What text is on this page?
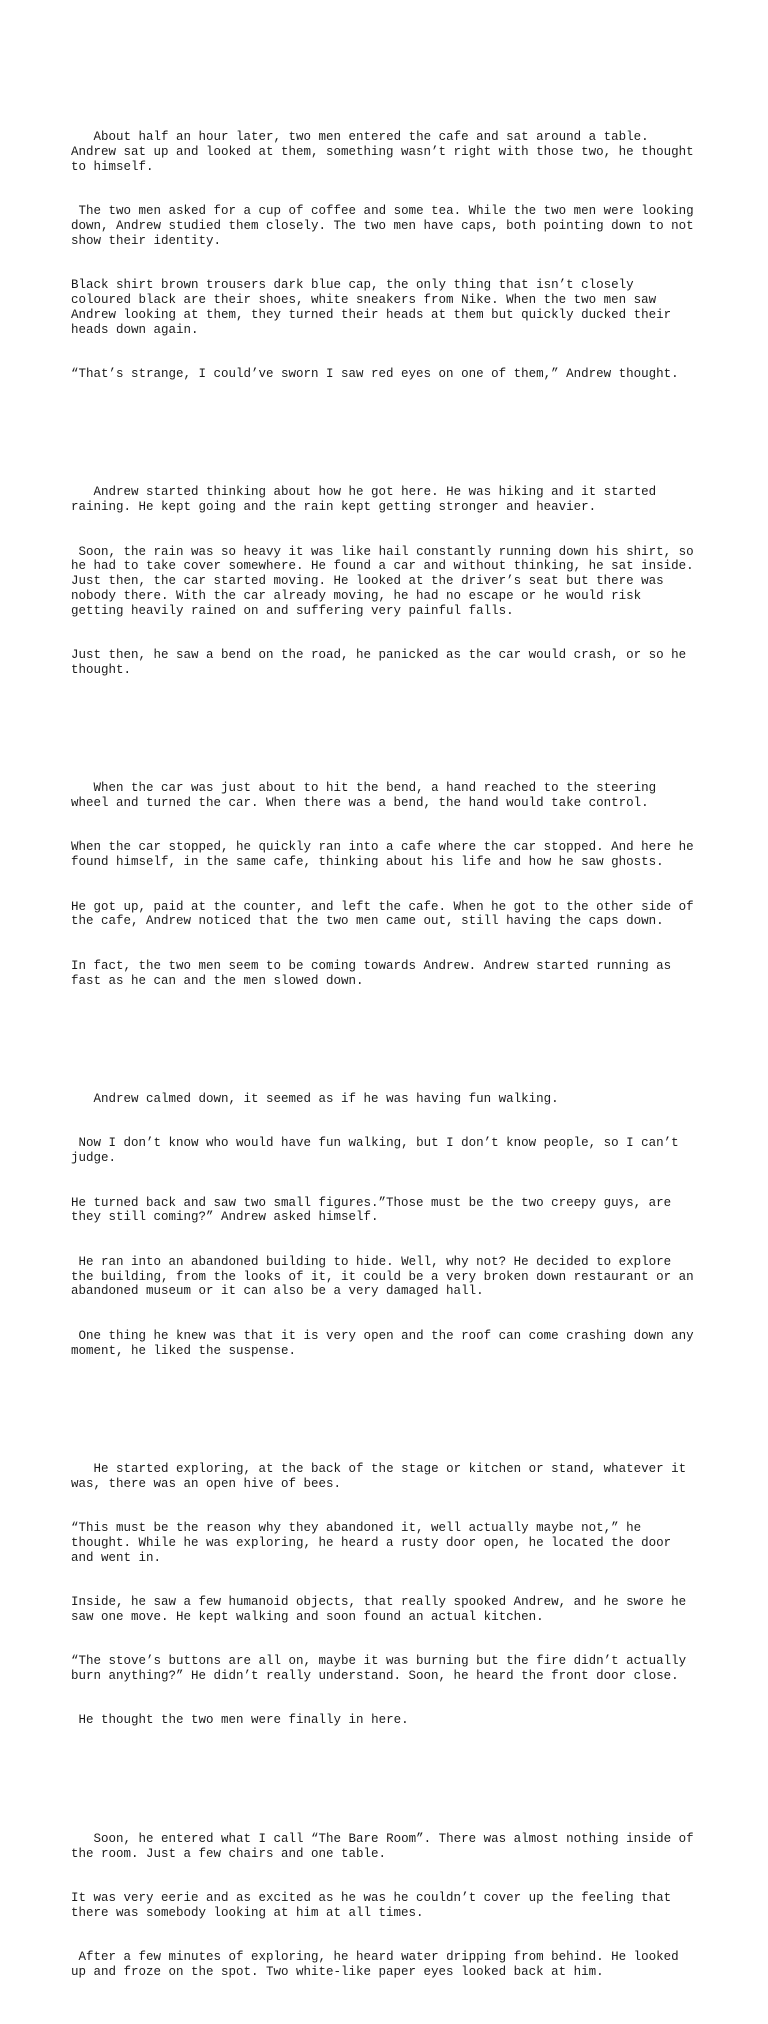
About half an hour later, two men entered the cafe and sat around a table. Andrew sat up and looked at them, something wasn’t right with those two, he thought to himself.

The two men asked for a cup of coffee and some tea. While the two men were looking down, Andrew studied them closely. The two men have caps, both pointing down to not show their identity.

Black shirt brown trousers dark blue cap, the only thing that isn’t closely coloured black are their shoes, white sneakers from Nike. When the two men saw Andrew looking at them, they turned their heads at them but quickly ducked their heads down again.

“That’s strange, I could’ve sworn I saw red eyes on one of them,” Andrew thought.

Andrew started thinking about how he got here. He was hiking and it started raining. He kept going and the rain kept getting stronger and heavier.

Soon, the rain was so heavy it was like hail constantly running down his shirt, so he had to take cover somewhere. He found a car and without thinking, he sat inside. Just then, the car started moving. He looked at the driver’s seat but there was nobody there. With the car already moving, he had no escape or he would risk getting heavily rained on and suffering very painful falls.

Just then, he saw a bend on the road, he panicked as the car would crash, or so he thought.

When the car was just about to hit the bend, a hand reached to the steering wheel and turned the car. When there was a bend, the hand would take control.

When the car stopped, he quickly ran into a cafe where the car stopped. And here he found himself, in the same cafe, thinking about his life and how he saw ghosts.

He got up, paid at the counter, and left the cafe. When he got to the other side of the cafe, Andrew noticed that the two men came out, still having the caps down.

In fact, the two men seem to be coming towards Andrew. Andrew started running as fast as he can and the men slowed down.

Andrew calmed down, it seemed as if he was having fun walking.

Now I don’t know who would have fun walking, but I don’t know people, so I can’t judge.

He turned back and saw two small figures.”Those must be the two creepy guys, are they still coming?” Andrew asked himself.

He ran into an abandoned building to hide. Well, why not? He decided to explore the building, from the looks of it, it could be a very broken down restaurant or an abandoned museum or it can also be a very damaged hall.

One thing he knew was that it is very open and the roof can come crashing down any moment, he liked the suspense.

He started exploring, at the back of the stage or kitchen or stand, whatever it was, there was an open hive of bees.

“This must be the reason why they abandoned it, well actually maybe not,” he thought. While he was exploring, he heard a rusty door open, he located the door and went in.

Inside, he saw a few humanoid objects, that really spooked Andrew, and he swore he saw one move. He kept walking and soon found an actual kitchen.

“The stove’s buttons are all on, maybe it was burning but the fire didn’t actually burn anything?” He didn’t really understand. Soon, he heard the front door close.

He thought the two men were finally in here.

Soon, he entered what I call “The Bare Room”. There was almost nothing inside of the room. Just a few chairs and one table.

It was very eerie and as excited as he was he couldn’t cover up the feeling that there was somebody looking at him at all times.

After a few minutes of exploring, he heard water dripping from behind. He looked up and froze on the spot. Two white-like paper eyes looked back at him.
